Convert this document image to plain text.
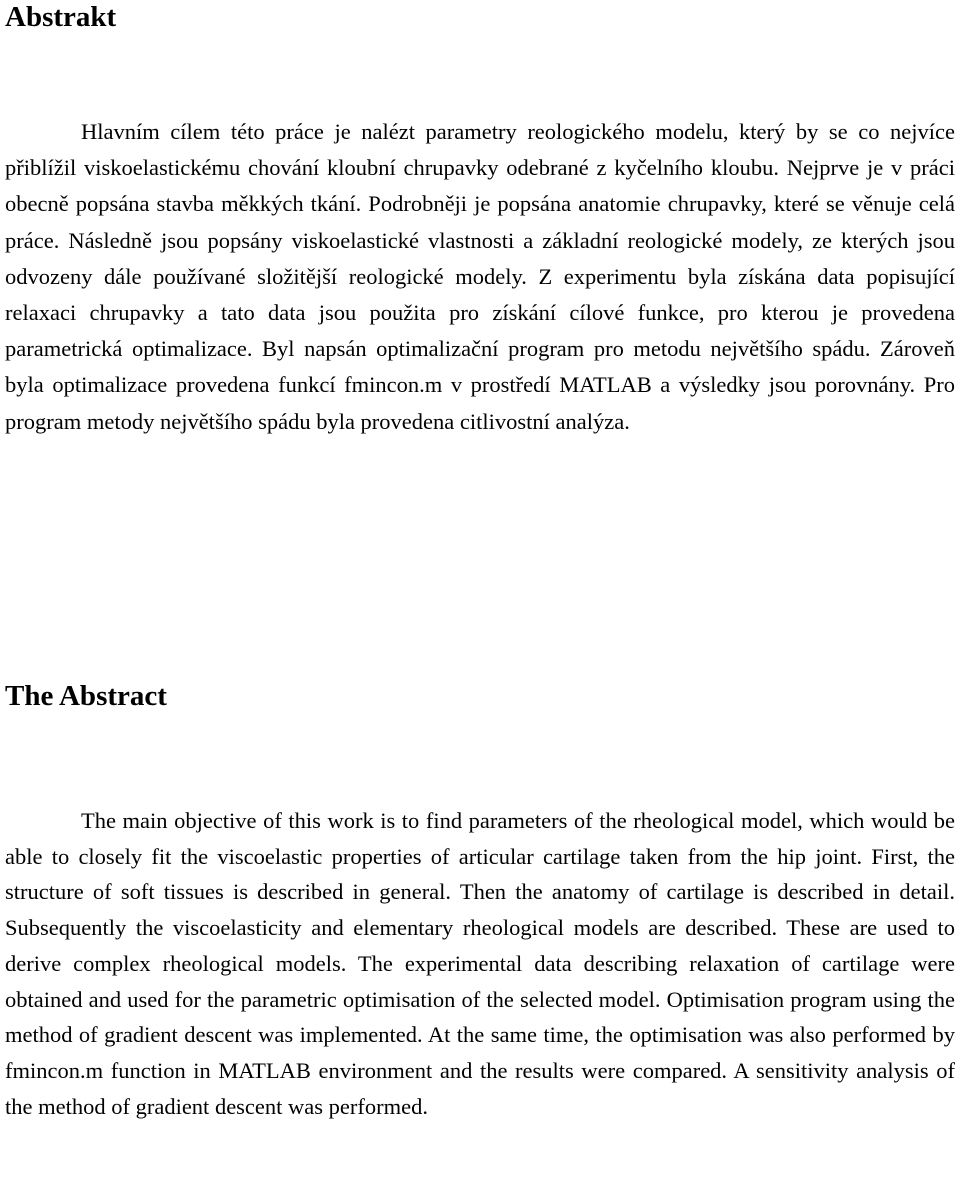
Abstrakt

Hlavním cílem této práce je nalézt parametry reologického modelu, který by se co nejvíce přiblížil viskoelastickému chování kloubní chrupavky odebrané z kyčelního kloubu. Nejprve je v práci obecně popsána stavba měkkých tkání. Podrobněji je popsána anatomie chrupavky, které se věnuje celá práce. Následně jsou popsány viskoelastické vlastnosti a základní reologické modely, ze kterých jsou odvozeny dále používané složitější reologické modely. Z experimentu byla získána data popisující relaxaci chrupavky a tato data jsou použita pro získání cílové funkce, pro kterou je provedena parametrická optimalizace. Byl napsán optimalizační program pro metodu největšího spádu. Zároveň byla optimalizace provedena funkcí fmincon.m v prostředí MATLAB a výsledky jsou porovnány. Pro program metody největšího spádu byla provedena citlivostní analýza.

The Abstract

The main objective of this work is to find parameters of the rheological model, which would be able to closely fit the viscoelastic properties of articular cartilage taken from the hip joint. First, the structure of soft tissues is described in general. Then the anatomy of cartilage is described in detail. Subsequently the viscoelasticity and elementary rheological models are described. These are used to derive complex rheological models. The experimental data describing relaxation of cartilage were obtained and used for the parametric optimisation of the selected model. Optimisation program using the method of gradient descent was implemented. At the same time, the optimisation was also performed by fmincon.m function in MATLAB environment and the results were compared. A sensitivity analysis of the method of gradient descent was performed.
